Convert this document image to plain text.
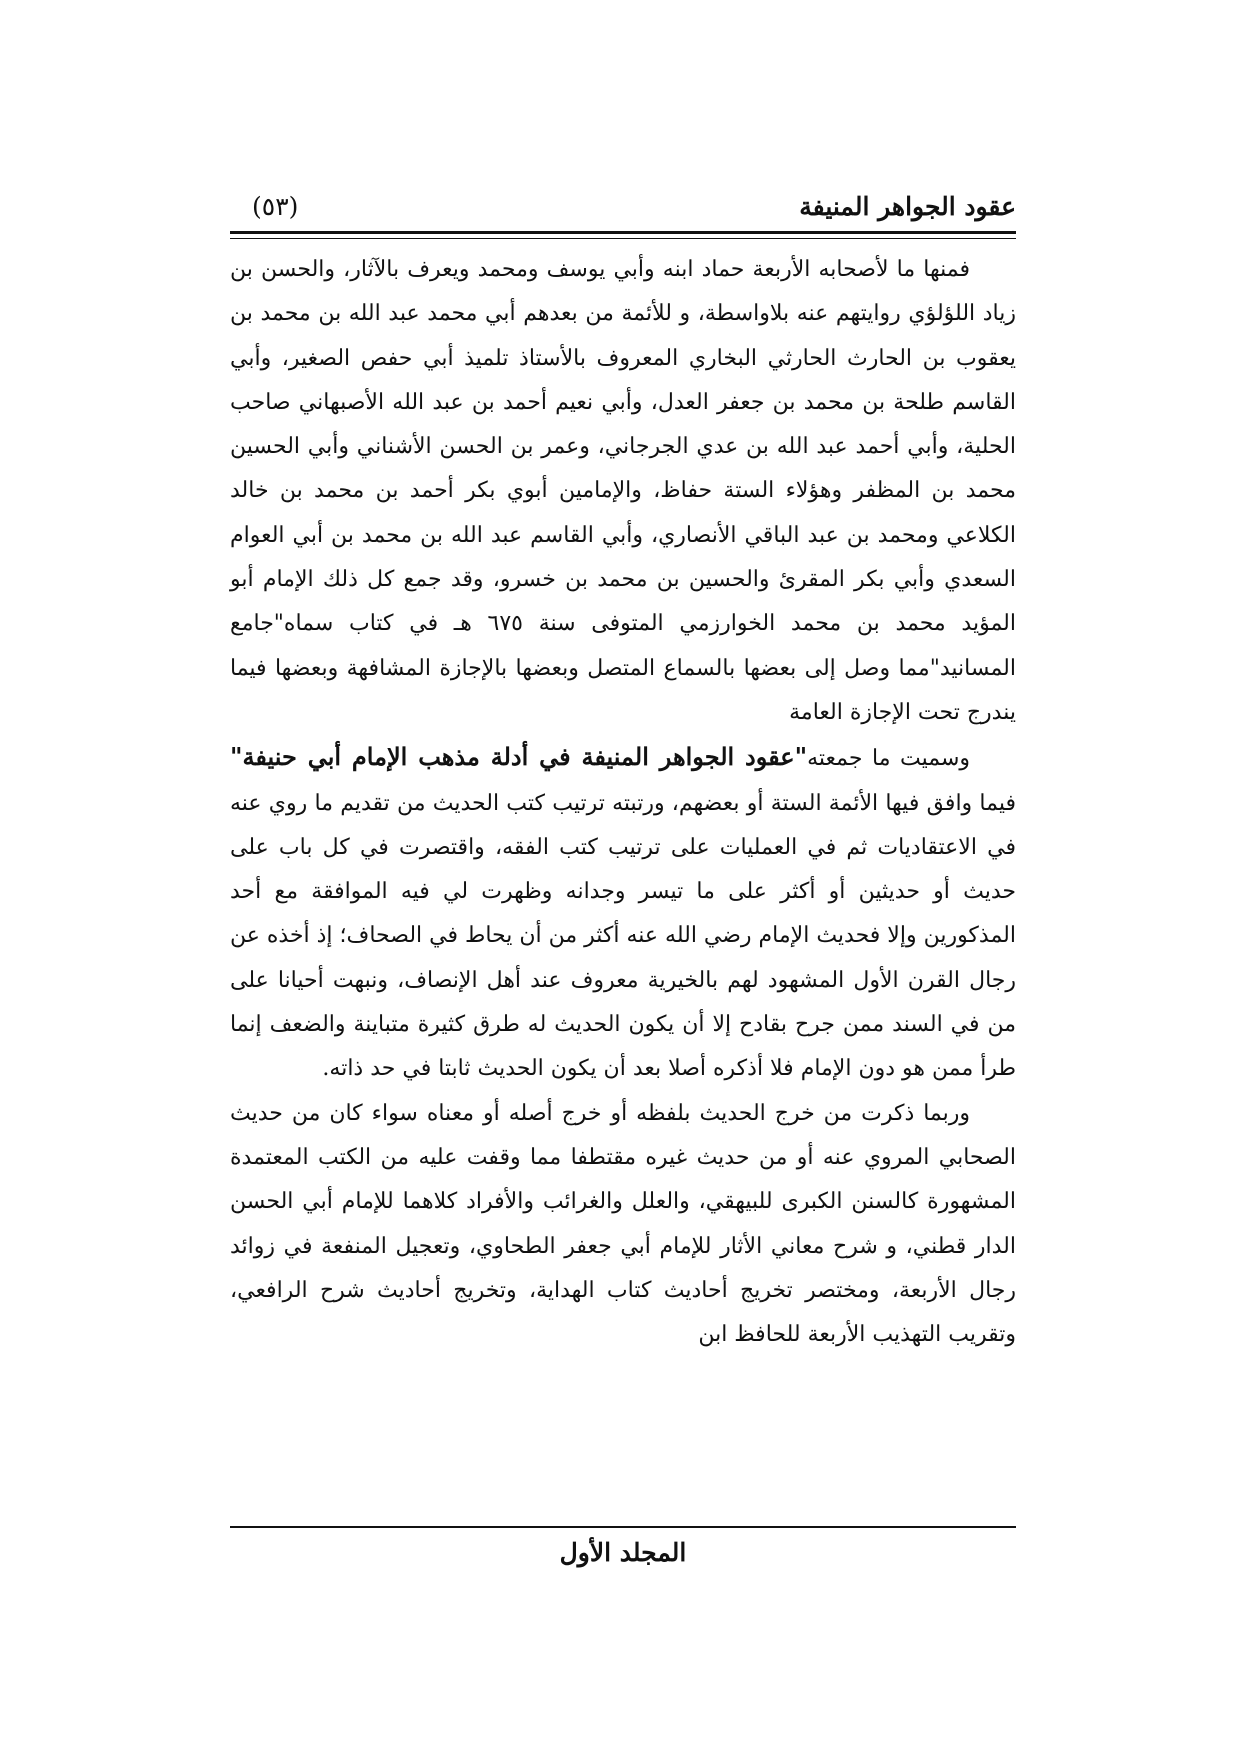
عقود الجواهر المنيفة
(٥٣)

فمنها ما لأصحابه الأربعة حماد ابنه وأبي يوسف ومحمد ويعرف بالآثار، والحسن بن زياد اللؤلؤي روايتهم عنه بلاواسطة، و للأئمة من بعدهم أبي محمد عبد الله بن محمد بن يعقوب بن الحارث الحارثي البخاري المعروف بالأستاذ تلميذ أبي حفص الصغير، وأبي القاسم طلحة بن محمد بن جعفر العدل، وأبي نعيم أحمد بن عبد الله الأصبهاني صاحب الحلية، وأبي أحمد عبد الله بن عدي الجرجاني، وعمر بن الحسن الأشناني وأبي الحسين محمد بن المظفر وهؤلاء الستة حفاظ، والإمامين أبوي بكر أحمد بن محمد بن خالد الكلاعي ومحمد بن عبد الباقي الأنصاري، وأبي القاسم عبد الله بن محمد بن أبي العوام السعدي وأبي بكر المقرئ والحسين بن محمد بن خسرو، وقد جمع كل ذلك الإمام أبو المؤيد محمد بن محمد الخوارزمي المتوفى سنة ٦٧٥ هـ في كتاب سماه"جامع المسانيد"مما وصل إلى بعضها بالسماع المتصل وبعضها بالإجازة المشافهة وبعضها فيما يندرج تحت الإجازة العامة

وسميت ما جمعته"عقود الجواهر المنيفة في أدلة مذهب الإمام أبي حنيفة" فيما وافق فيها الأئمة الستة أو بعضهم، ورتبته ترتيب كتب الحديث من تقديم ما روي عنه في الاعتقاديات ثم في العمليات على ترتيب كتب الفقه، واقتصرت في كل باب على حديث أو حديثين أو أكثر على ما تيسر وجدانه وظهرت لي فيه الموافقة مع أحد المذكورين وإلا فحديث الإمام رضي الله عنه أكثر من أن يحاط في الصحاف؛ إذ أخذه عن رجال القرن الأول المشهود لهم بالخيرية معروف عند أهل الإنصاف، ونبهت أحيانا على من في السند ممن جرح بقادح إلا أن يكون الحديث له طرق كثيرة متباينة والضعف إنما طرأ ممن هو دون الإمام فلا أذكره أصلا بعد أن يكون الحديث ثابتا في حد ذاته.

وربما ذكرت من خرج الحديث بلفظه أو خرج أصله أو معناه سواء كان من حديث الصحابي المروي عنه أو من حديث غيره مقتطفا مما وقفت عليه من الكتب المعتمدة المشهورة كالسنن الكبرى للبيهقي، والعلل والغرائب والأفراد كلاهما للإمام أبي الحسن الدار قطني، و شرح معاني الأثار للإمام أبي جعفر الطحاوي، وتعجيل المنفعة في زوائد رجال الأربعة، ومختصر تخريج أحاديث كتاب الهداية، وتخريج أحاديث شرح الرافعي، وتقريب التهذيب الأربعة للحافظ ابن

المجلد الأول
